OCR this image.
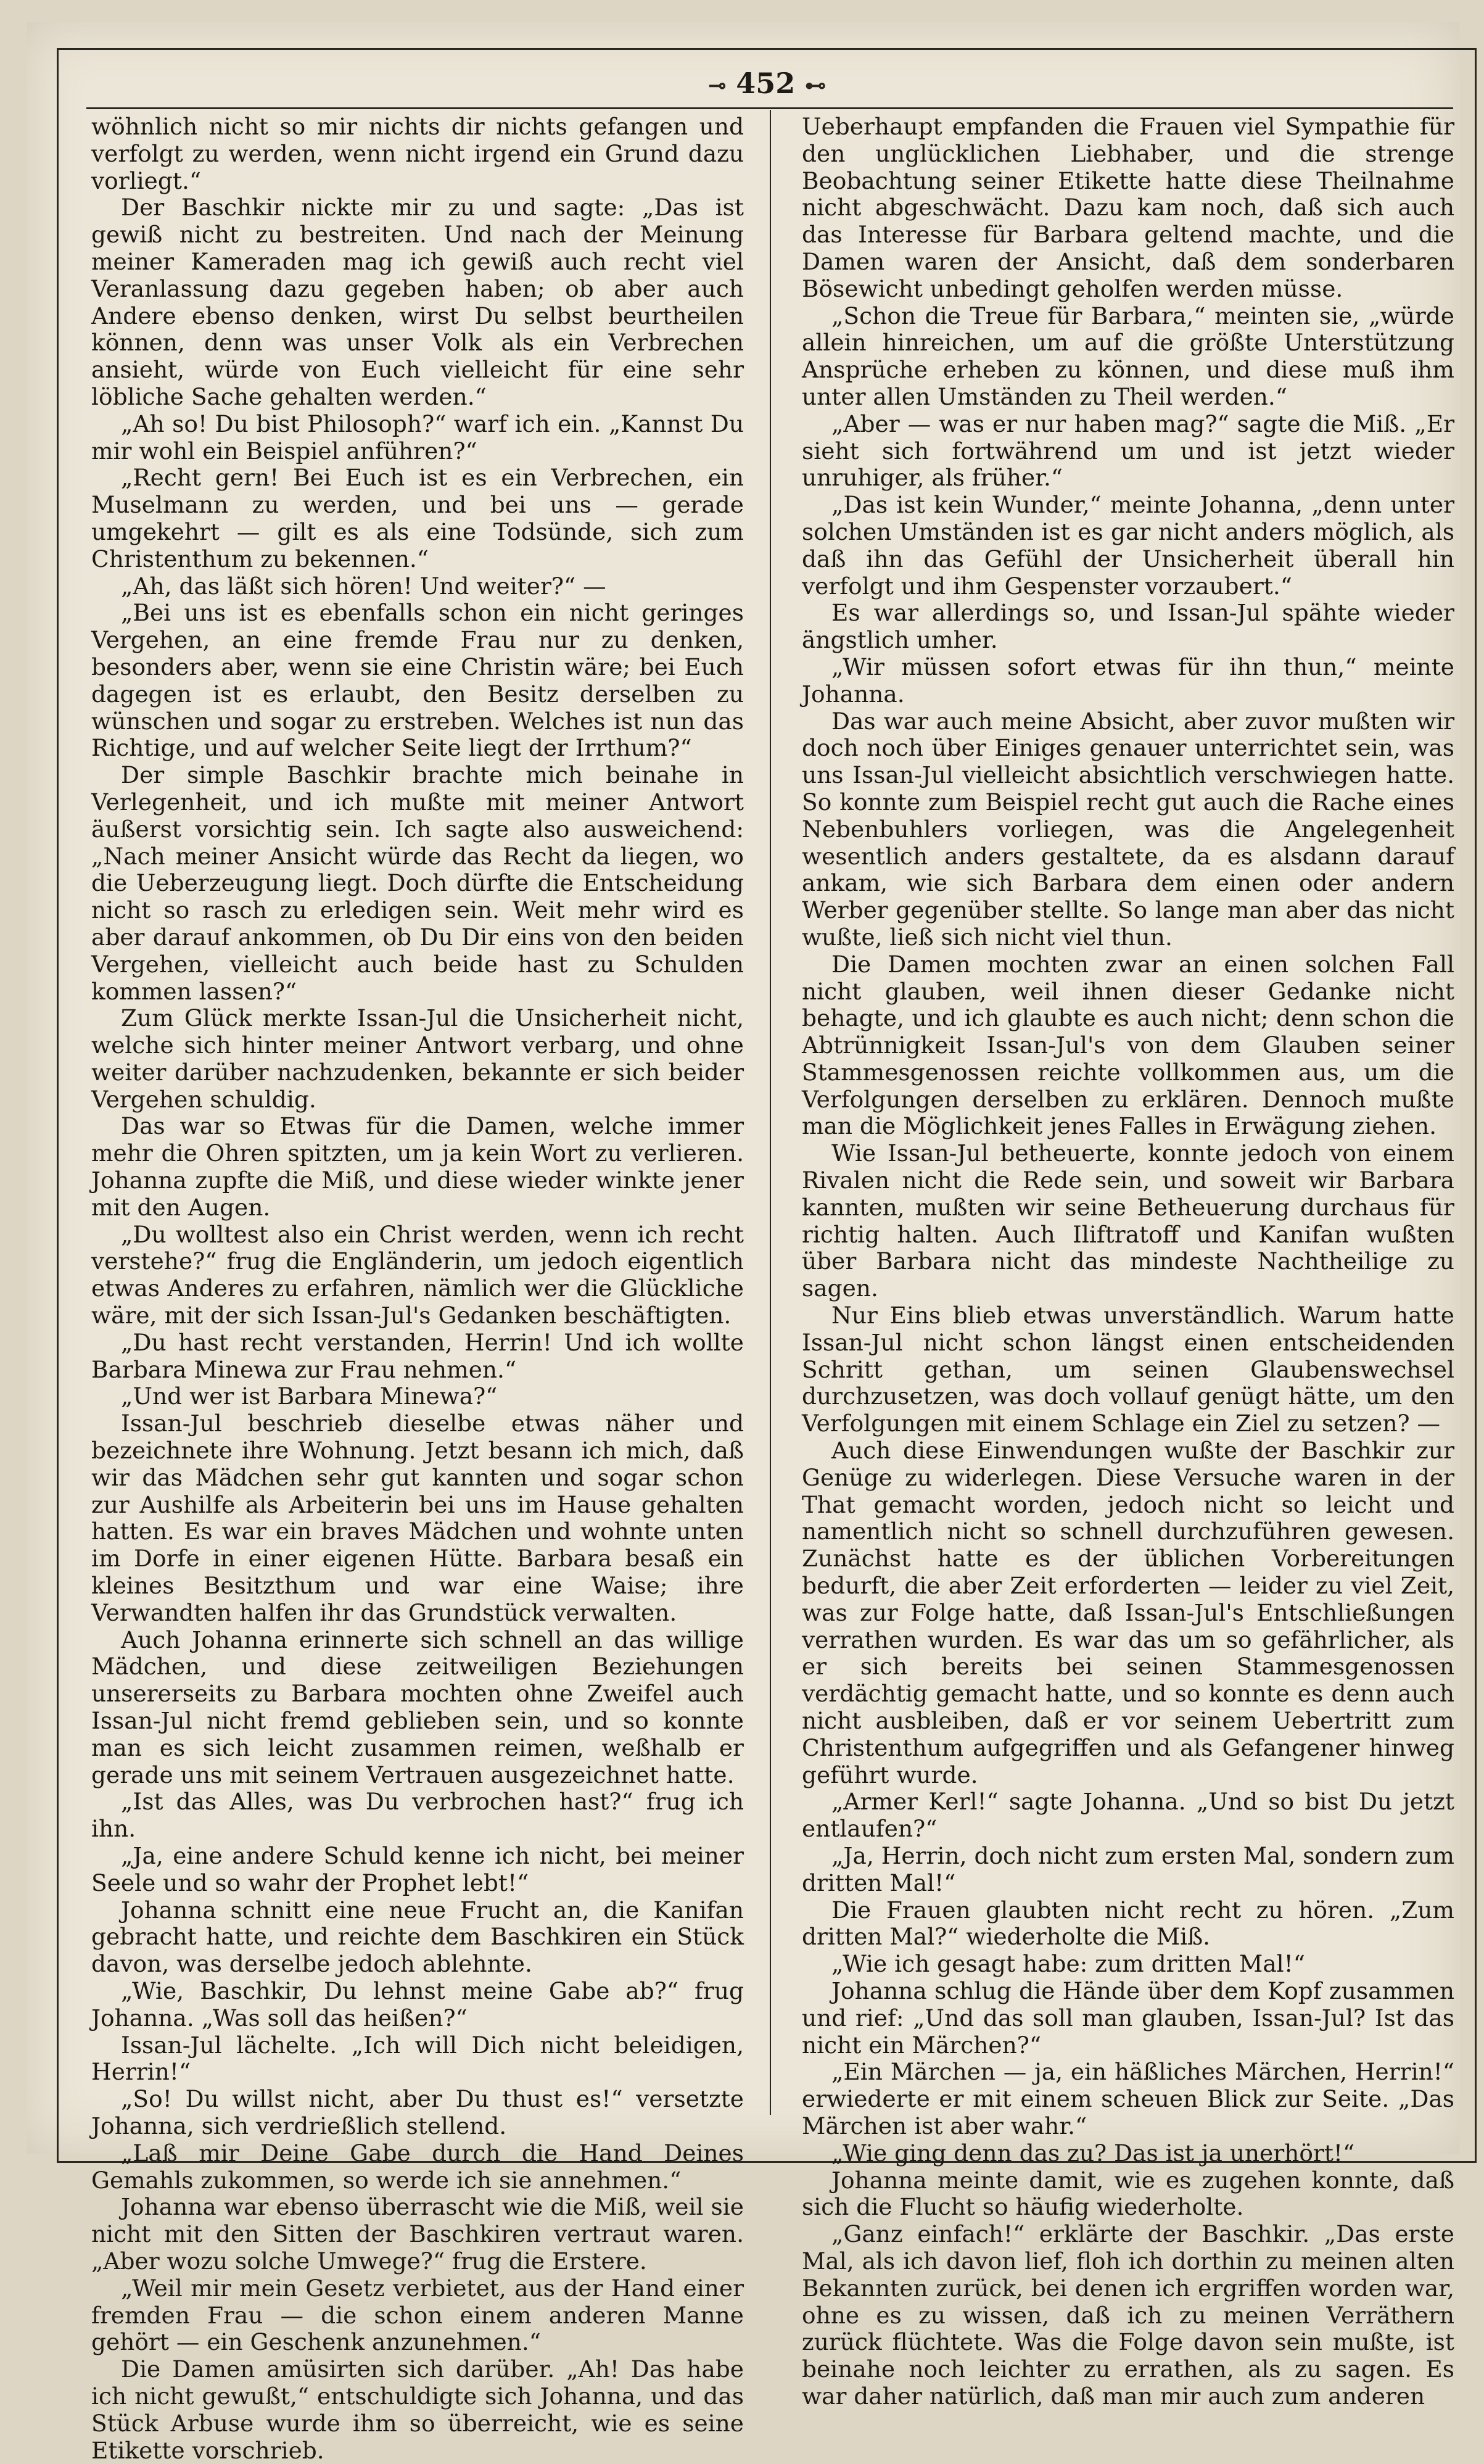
⊸ 452 ⊷

wöhnlich nicht so mir nichts dir nichts gefangen und verfolgt zu werden, wenn nicht irgend ein Grund dazu vorliegt.“

Der Baschkir nickte mir zu und sagte: „Das ist gewiß nicht zu bestreiten. Und nach der Meinung meiner Kameraden mag ich gewiß auch recht viel Veranlassung dazu gegeben haben; ob aber auch Andere ebenso denken, wirst Du selbst beurtheilen können, denn was unser Volk als ein Verbrechen ansieht, würde von Euch vielleicht für eine sehr löbliche Sache gehalten werden.“

„Ah so! Du bist Philosoph?“ warf ich ein. „Kannst Du mir wohl ein Beispiel anführen?“

„Recht gern! Bei Euch ist es ein Verbrechen, ein Muselmann zu werden, und bei uns — gerade umgekehrt — gilt es als eine Todsünde, sich zum Christenthum zu bekennen.“

„Ah, das läßt sich hören! Und weiter?“ —

„Bei uns ist es ebenfalls schon ein nicht geringes Vergehen, an eine fremde Frau nur zu denken, besonders aber, wenn sie eine Christin wäre; bei Euch dagegen ist es erlaubt, den Besitz derselben zu wünschen und sogar zu erstreben. Welches ist nun das Richtige, und auf welcher Seite liegt der Irrthum?“

Der simple Baschkir brachte mich beinahe in Verlegenheit, und ich mußte mit meiner Antwort äußerst vorsichtig sein. Ich sagte also ausweichend: „Nach meiner Ansicht würde das Recht da liegen, wo die Ueberzeugung liegt. Doch dürfte die Entscheidung nicht so rasch zu erledigen sein. Weit mehr wird es aber darauf ankommen, ob Du Dir eins von den beiden Vergehen, vielleicht auch beide hast zu Schulden kommen lassen?“

Zum Glück merkte Issan-Jul die Unsicherheit nicht, welche sich hinter meiner Antwort verbarg, und ohne weiter darüber nachzudenken, bekannte er sich beider Vergehen schuldig.

Das war so Etwas für die Damen, welche immer mehr die Ohren spitzten, um ja kein Wort zu verlieren. Johanna zupfte die Miß, und diese wieder winkte jener mit den Augen.

„Du wolltest also ein Christ werden, wenn ich recht verstehe?“ frug die Engländerin, um jedoch eigentlich etwas Anderes zu erfahren, nämlich wer die Glückliche wäre, mit der sich Issan-Jul's Gedanken beschäftigten.

„Du hast recht verstanden, Herrin! Und ich wollte Barbara Minewa zur Frau nehmen.“

„Und wer ist Barbara Minewa?“

Issan-Jul beschrieb dieselbe etwas näher und bezeichnete ihre Wohnung. Jetzt besann ich mich, daß wir das Mädchen sehr gut kannten und sogar schon zur Aushilfe als Arbeiterin bei uns im Hause gehalten hatten. Es war ein braves Mädchen und wohnte unten im Dorfe in einer eigenen Hütte. Barbara besaß ein kleines Besitzthum und war eine Waise; ihre Verwandten halfen ihr das Grundstück verwalten.

Auch Johanna erinnerte sich schnell an das willige Mädchen, und diese zeitweiligen Beziehungen unsererseits zu Barbara mochten ohne Zweifel auch Issan-Jul nicht fremd geblieben sein, und so konnte man es sich leicht zusammen reimen, weßhalb er gerade uns mit seinem Vertrauen ausgezeichnet hatte.

„Ist das Alles, was Du verbrochen hast?“ frug ich ihn.

„Ja, eine andere Schuld kenne ich nicht, bei meiner Seele und so wahr der Prophet lebt!“

Johanna schnitt eine neue Frucht an, die Kanifan gebracht hatte, und reichte dem Baschkiren ein Stück davon, was derselbe jedoch ablehnte.

„Wie, Baschkir, Du lehnst meine Gabe ab?“ frug Johanna. „Was soll das heißen?“

Issan-Jul lächelte. „Ich will Dich nicht beleidigen, Herrin!“

„So! Du willst nicht, aber Du thust es!“ versetzte Johanna, sich verdrießlich stellend.

„Laß mir Deine Gabe durch die Hand Deines Gemahls zukommen, so werde ich sie annehmen.“

Johanna war ebenso überrascht wie die Miß, weil sie nicht mit den Sitten der Baschkiren vertraut waren. „Aber wozu solche Umwege?“ frug die Erstere.

„Weil mir mein Gesetz verbietet, aus der Hand einer fremden Frau — die schon einem anderen Manne gehört — ein Geschenk anzunehmen.“

Die Damen amüsirten sich darüber. „Ah! Das habe ich nicht gewußt,“ entschuldigte sich Johanna, und das Stück Arbuse wurde ihm so überreicht, wie es seine Etikette vorschrieb.

Ueberhaupt empfanden die Frauen viel Sympathie für den unglücklichen Liebhaber, und die strenge Beobachtung seiner Etikette hatte diese Theilnahme nicht abgeschwächt. Dazu kam noch, daß sich auch das Interesse für Barbara geltend machte, und die Damen waren der Ansicht, daß dem sonderbaren Bösewicht unbedingt geholfen werden müsse.

„Schon die Treue für Barbara,“ meinten sie, „würde allein hinreichen, um auf die größte Unterstützung Ansprüche erheben zu können, und diese muß ihm unter allen Umständen zu Theil werden.“

„Aber — was er nur haben mag?“ sagte die Miß. „Er sieht sich fortwährend um und ist jetzt wieder unruhiger, als früher.“

„Das ist kein Wunder,“ meinte Johanna, „denn unter solchen Umständen ist es gar nicht anders möglich, als daß ihn das Gefühl der Unsicherheit überall hin verfolgt und ihm Gespenster vorzaubert.“

Es war allerdings so, und Issan-Jul spähte wieder ängstlich umher.

„Wir müssen sofort etwas für ihn thun,“ meinte Johanna.

Das war auch meine Absicht, aber zuvor mußten wir doch noch über Einiges genauer unterrichtet sein, was uns Issan-Jul vielleicht absichtlich verschwiegen hatte. So konnte zum Beispiel recht gut auch die Rache eines Nebenbuhlers vorliegen, was die Angelegenheit wesentlich anders gestaltete, da es alsdann darauf ankam, wie sich Barbara dem einen oder andern Werber gegenüber stellte. So lange man aber das nicht wußte, ließ sich nicht viel thun.

Die Damen mochten zwar an einen solchen Fall nicht glauben, weil ihnen dieser Gedanke nicht behagte, und ich glaubte es auch nicht; denn schon die Abtrünnigkeit Issan-Jul's von dem Glauben seiner Stammesgenossen reichte vollkommen aus, um die Verfolgungen derselben zu erklären. Dennoch mußte man die Möglichkeit jenes Falles in Erwägung ziehen.

Wie Issan-Jul betheuerte, konnte jedoch von einem Rivalen nicht die Rede sein, und soweit wir Barbara kannten, mußten wir seine Betheuerung durchaus für richtig halten. Auch Iliftratoff und Kanifan wußten über Barbara nicht das mindeste Nachtheilige zu sagen.

Nur Eins blieb etwas unverständlich. Warum hatte Issan-Jul nicht schon längst einen entscheidenden Schritt gethan, um seinen Glaubenswechsel durchzusetzen, was doch vollauf genügt hätte, um den Verfolgungen mit einem Schlage ein Ziel zu setzen? —

Auch diese Einwendungen wußte der Baschkir zur Genüge zu widerlegen. Diese Versuche waren in der That gemacht worden, jedoch nicht so leicht und namentlich nicht so schnell durchzuführen gewesen. Zunächst hatte es der üblichen Vorbereitungen bedurft, die aber Zeit erforderten — leider zu viel Zeit, was zur Folge hatte, daß Issan-Jul's Entschließungen verrathen wurden. Es war das um so gefährlicher, als er sich bereits bei seinen Stammesgenossen verdächtig gemacht hatte, und so konnte es denn auch nicht ausbleiben, daß er vor seinem Uebertritt zum Christenthum aufgegriffen und als Gefangener hinweg geführt wurde.

„Armer Kerl!“ sagte Johanna. „Und so bist Du jetzt entlaufen?“

„Ja, Herrin, doch nicht zum ersten Mal, sondern zum dritten Mal!“

Die Frauen glaubten nicht recht zu hören. „Zum dritten Mal?“ wiederholte die Miß.

„Wie ich gesagt habe: zum dritten Mal!“

Johanna schlug die Hände über dem Kopf zusammen und rief: „Und das soll man glauben, Issan-Jul? Ist das nicht ein Märchen?“

„Ein Märchen — ja, ein häßliches Märchen, Herrin!“ erwiederte er mit einem scheuen Blick zur Seite. „Das Märchen ist aber wahr.“

„Wie ging denn das zu? Das ist ja unerhört!“

Johanna meinte damit, wie es zugehen konnte, daß sich die Flucht so häufig wiederholte.

„Ganz einfach!“ erklärte der Baschkir. „Das erste Mal, als ich davon lief, floh ich dorthin zu meinen alten Bekannten zurück, bei denen ich ergriffen worden war, ohne es zu wissen, daß ich zu meinen Verräthern zurück flüchtete. Was die Folge davon sein mußte, ist beinahe noch leichter zu errathen, als zu sagen. Es war daher natürlich, daß man mir auch zum anderen
